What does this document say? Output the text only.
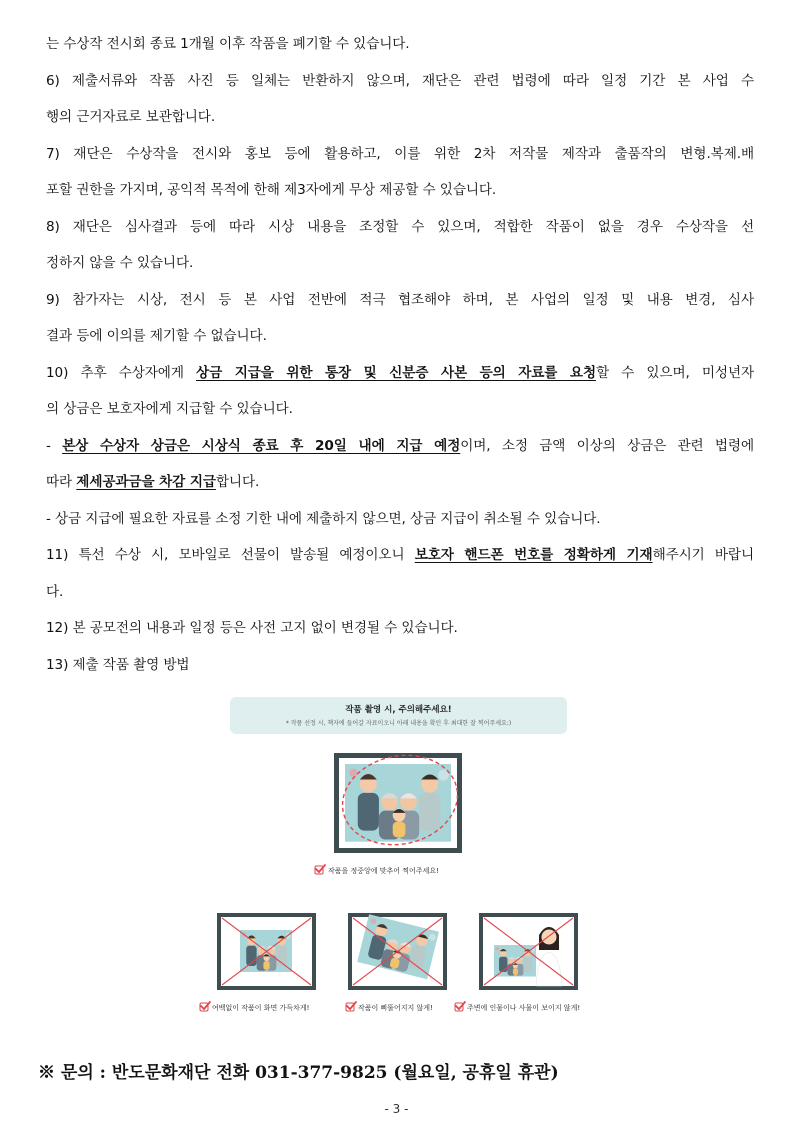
는 수상작 전시회 종료 1개월 이후 작품을 폐기할 수 있습니다.
6) 제출서류와 작품 사진 등 일체는 반환하지 않으며, 재단은 관련 법령에 따라 일정 기간 본 사업 수
행의 근거자료로 보관합니다.
7) 재단은 수상작을 전시와 홍보 등에 활용하고, 이를 위한 2차 저작물 제작과 출품작의 변형.복제.배
포할 권한을 가지며, 공익적 목적에 한해 제3자에게 무상 제공할 수 있습니다.
8) 재단은 심사결과 등에 따라 시상 내용을 조정할 수 있으며, 적합한 작품이 없을 경우 수상작을 선
정하지 않을 수 있습니다.
9) 참가자는 시상, 전시 등 본 사업 전반에 적극 협조해야 하며, 본 사업의 일정 및 내용 변경, 심사
결과 등에 이의를 제기할 수 없습니다.
10) 추후 수상자에게 상금 지급을 위한 통장 및 신분증 사본 등의 자료를 요청할 수 있으며, 미성년자
의 상금은 보호자에게 지급할 수 있습니다.
- 본상 수상자 상금은 시상식 종료 후 20일 내에 지급 예정이며, 소정 금액 이상의 상금은 관련 법령에
따라 제세공과금을 차감 지급합니다.
- 상금 지급에 필요한 자료를 소정 기한 내에 제출하지 않으면, 상금 지급이 취소될 수 있습니다.
11) 특선 수상 시, 모바일로 선물이 발송될 예정이오니 보호자 핸드폰 번호를 정확하게 기재해주시기 바랍니
다.
12) 본 공모전의 내용과 일정 등은 사전 고지 없이 변경될 수 있습니다.
13) 제출 작품 촬영 방법
작품 촬영 시, 주의해주세요!
* 작품 선정 시, 책자에 들어갈 자료이오니 아래 내용을 확인 후 최대한 잘 찍어주세요:)
작품을 정중앙에 맞추어 찍어주세요!
여백없이 작품이 화면 가득차게!	작품이 삐뚤어지지 않게!	주변에 인물이나 사물이 보이지 않게!
※ 문의 : 반도문화재단 전화 031-377-9825 (월요일, 공휴일 휴관)
- 3 -
